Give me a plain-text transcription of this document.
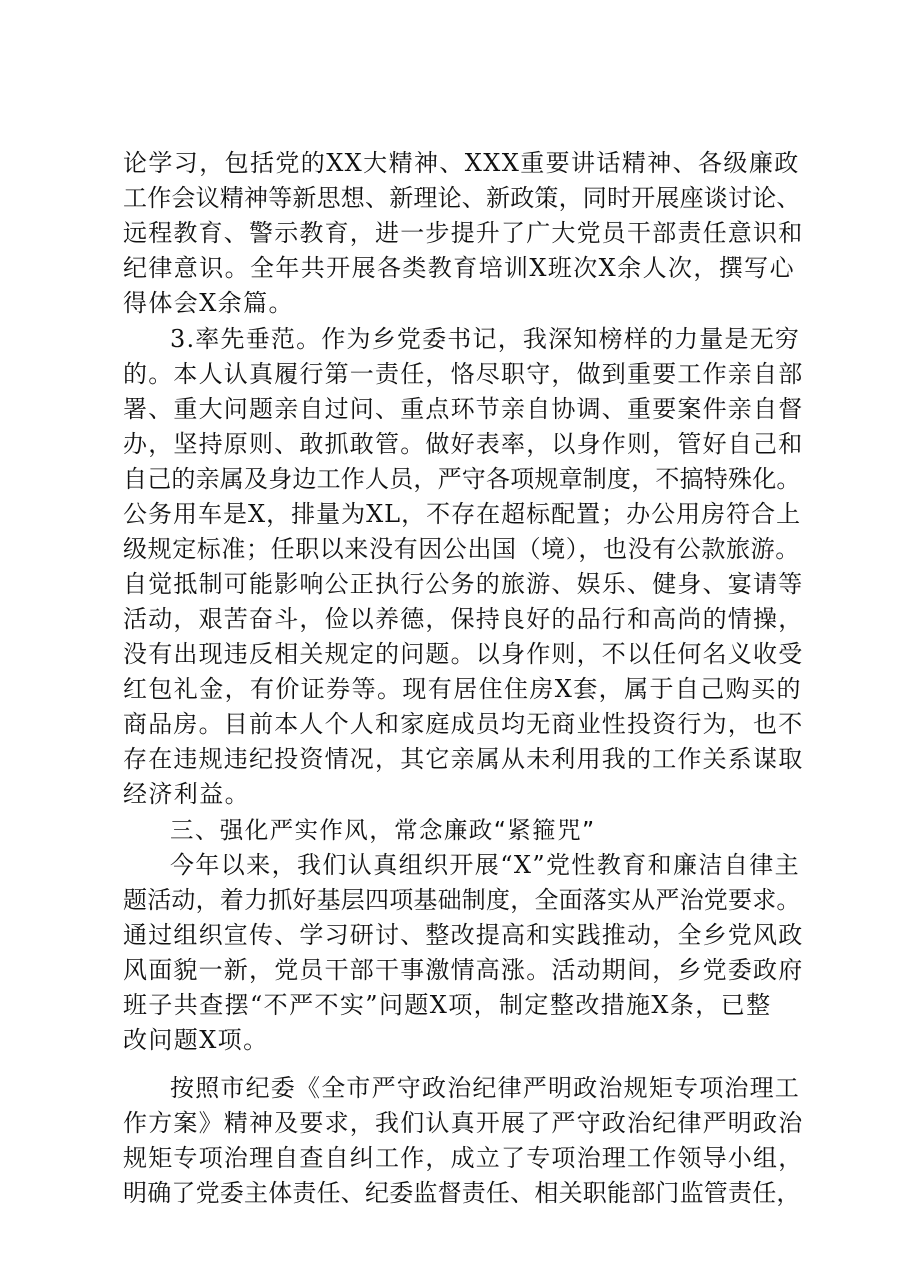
论学习，包括党的XX大精神、XXX重要讲话精神、各级廉政
工作会议精神等新思想、新理论、新政策，同时开展座谈讨论、
远程教育、警示教育，进一步提升了广大党员干部责任意识和
纪律意识。全年共开展各类教育培训X班次X余人次，撰写心
得体会X余篇。
3.率先垂范。作为乡党委书记，我深知榜样的力量是无穷
的。本人认真履行第一责任，恪尽职守，做到重要工作亲自部
署、重大问题亲自过问、重点环节亲自协调、重要案件亲自督
办，坚持原则、敢抓敢管。做好表率，以身作则，管好自己和
自己的亲属及身边工作人员，严守各项规章制度，不搞特殊化。
公务用车是X，排量为XL，不存在超标配置；办公用房符合上
级规定标准；任职以来没有因公出国（境），也没有公款旅游。
自觉抵制可能影响公正执行公务的旅游、娱乐、健身、宴请等
活动，艰苦奋斗，俭以养德，保持良好的品行和高尚的情操，
没有出现违反相关规定的问题。以身作则，不以任何名义收受
红包礼金，有价证券等。现有居住住房X套，属于自己购买的
商品房。目前本人个人和家庭成员均无商业性投资行为，也不
存在违规违纪投资情况，其它亲属从未利用我的工作关系谋取
经济利益。
三、强化严实作风，常念廉政“紧箍咒”
今年以来，我们认真组织开展“X”党性教育和廉洁自律主
题活动，着力抓好基层四项基础制度，全面落实从严治党要求。
通过组织宣传、学习研讨、整改提高和实践推动，全乡党风政
风面貌一新，党员干部干事激情高涨。活动期间，乡党委政府
班子共查摆“不严不实”问题X项，制定整改措施X条，已整
改问题X项。
按照市纪委《全市严守政治纪律严明政治规矩专项治理工
作方案》精神及要求，我们认真开展了严守政治纪律严明政治
规矩专项治理自查自纠工作，成立了专项治理工作领导小组，
明确了党委主体责任、纪委监督责任、相关职能部门监管责任，
